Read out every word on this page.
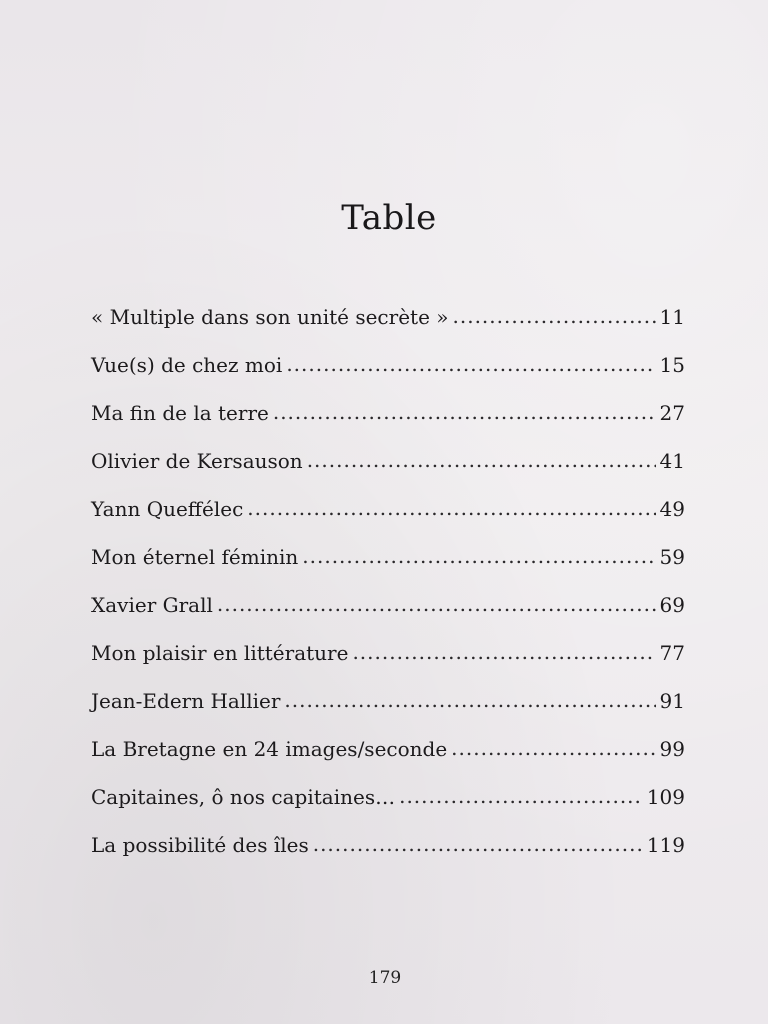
Table
« Multiple dans son unité secrète » .....	11
Vue(s) de chez moi .....	15
Ma fin de la terre .....	27
Olivier de Kersauson .....	41
Yann Queffélec .....	49
Mon éternel féminin .....	59
Xavier Grall .....	69
Mon plaisir en littérature .....	77
Jean-Edern Hallier .....	91
La Bretagne en 24 images/seconde .....	99
Capitaines, ô nos capitaines… .....	109
La possibilité des îles .....	119
179
